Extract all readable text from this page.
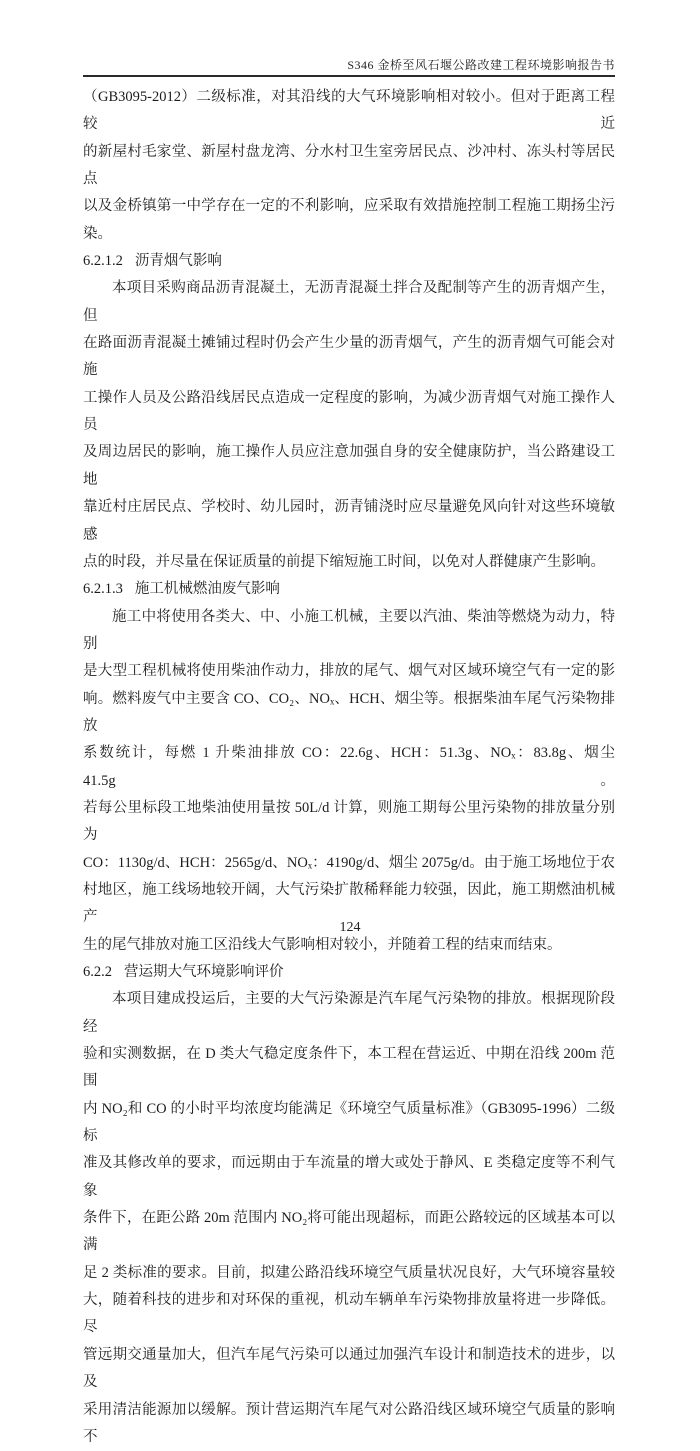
S346 金桥至风石堰公路改建工程环境影响报告书
（GB3095-2012）二级标准，对其沿线的大气环境影响相对较小。但对于距离工程较近
的新屋村毛家堂、新屋村盘龙湾、分水村卫生室旁居民点、沙冲村、冻头村等居民点
以及金桥镇第一中学存在一定的不利影响，应采取有效措施控制工程施工期扬尘污
染。
6.2.1.2 沥青烟气影响
本项目采购商品沥青混凝土，无沥青混凝土拌合及配制等产生的沥青烟产生，但
在路面沥青混凝土摊铺过程时仍会产生少量的沥青烟气，产生的沥青烟气可能会对施
工操作人员及公路沿线居民点造成一定程度的影响，为减少沥青烟气对施工操作人员
及周边居民的影响，施工操作人员应注意加强自身的安全健康防护，当公路建设工地
靠近村庄居民点、学校时、幼儿园时，沥青铺浇时应尽量避免风向针对这些环境敏感
点的时段，并尽量在保证质量的前提下缩短施工时间，以免对人群健康产生影响。
6.2.1.3 施工机械燃油废气影响
施工中将使用各类大、中、小施工机械，主要以汽油、柴油等燃烧为动力，特别
是大型工程机械将使用柴油作动力，排放的尾气、烟气对区域环境空气有一定的影
响。燃料废气中主要含 CO、CO₂、NOₓ、HCH、烟尘等。根据柴油车尾气污染物排放
系数统计，每燃 1 升柴油排放 CO：22.6g、HCH：51.3g、NOₓ：83.8g、烟尘 41.5g。
若每公里标段工地柴油使用量按 50L/d 计算，则施工期每公里污染物的排放量分别为
CO：1130g/d、HCH：2565g/d、NOₓ：4190g/d、烟尘 2075g/d。由于施工场地位于农
村地区，施工线场地较开阔，大气污染扩散稀释能力较强，因此，施工期燃油机械产
生的尾气排放对施工区沿线大气影响相对较小，并随着工程的结束而结束。
6.2.2 营运期大气环境影响评价
本项目建成投运后，主要的大气污染源是汽车尾气污染物的排放。根据现阶段经
验和实测数据，在 D 类大气稳定度条件下，本工程在营运近、中期在沿线 200m 范围
内 NO₂和 CO 的小时平均浓度均能满足《环境空气质量标准》（GB3095-1996）二级标
准及其修改单的要求，而远期由于车流量的增大或处于静风、E 类稳定度等不利气象
条件下，在距公路 20m 范围内 NO₂将可能出现超标，而距公路较远的区域基本可以满
足 2 类标准的要求。目前，拟建公路沿线环境空气质量状况良好，大气环境容量较
大，随着科技的进步和对环保的重视，机动车辆单车污染物排放量将进一步降低。尽
管远期交通量加大，但汽车尾气污染可以通过加强汽车设计和制造技术的进步，以及
采用清洁能源加以缓解。预计营运期汽车尾气对公路沿线区域环境空气质量的影响不
124
